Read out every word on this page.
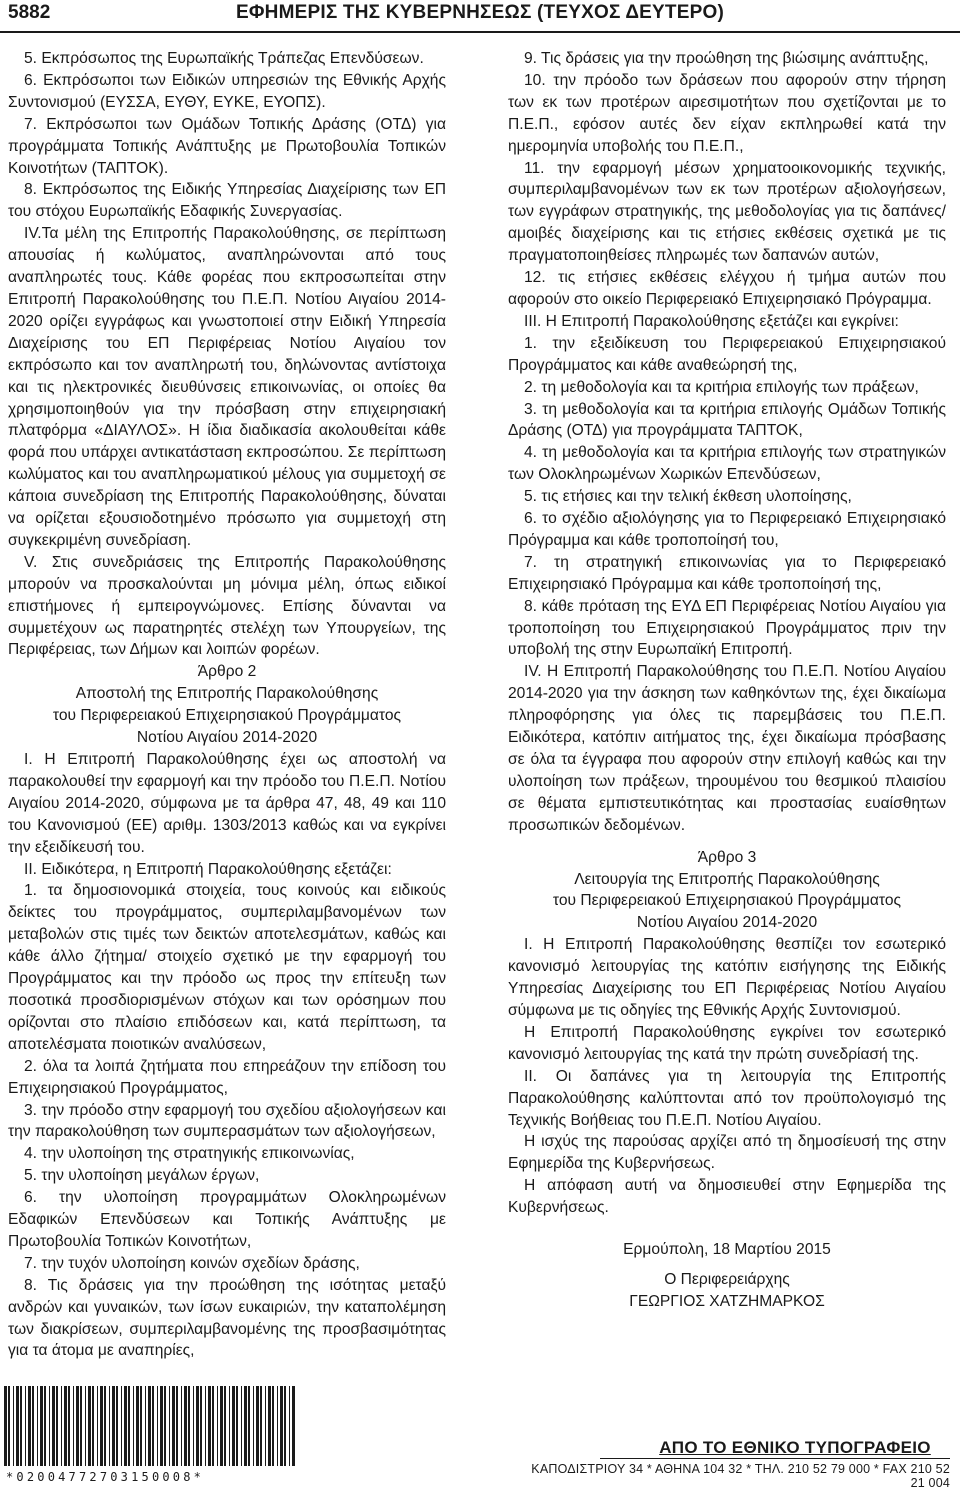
5882	ΕΦΗΜΕΡΙΣ ΤΗΣ ΚΥΒΕΡΝΗΣΕΩΣ (ΤΕΥΧΟΣ ΔΕΥΤΕΡΟ)

5. Εκπρόσωπος της Ευρωπαϊκής Τράπεζας Επενδύσεων.

6. Εκπρόσωποι των Ειδικών υπηρεσιών της Εθνικής Αρχής Συντονισμού (ΕΥΣΣΑ, ΕΥΘΥ, ΕΥΚΕ, ΕΥΟΠΣ).

7. Εκπρόσωποι των Ομάδων Τοπικής Δράσης (ΟΤΔ) για προγράμματα Τοπικής Ανάπτυξης με Πρωτοβουλία Τοπικών Κοινοτήτων (ΤΑΠΤΟΚ).

8. Εκπρόσωπος της Ειδικής Υπηρεσίας Διαχείρισης των ΕΠ του στόχου Ευρωπαϊκής Εδαφικής Συνεργασίας.

IV.Τα μέλη της Επιτροπής Παρακολούθησης, σε περίπτωση απουσίας ή κωλύματος, αναπληρώνονται από τους αναπληρωτές τους. Κάθε φορέας που εκπροσωπείται στην Επιτροπή Παρακολούθησης του Π.Ε.Π. Νοτίου Αιγαίου 2014-2020 ορίζει εγγράφως και γνωστοποιεί στην Ειδική Υπηρεσία Διαχείρισης του ΕΠ Περιφέρειας Νοτίου Αιγαίου τον εκπρόσωπο και τον αναπληρωτή του, δηλώνοντας αντίστοιχα και τις ηλεκτρονικές διευθύνσεις επικοινωνίας, οι οποίες θα χρησιμοποιηθούν για την πρόσβαση στην επιχειρησιακή πλατφόρμα «ΔΙΑΥΛΟΣ». Η ίδια διαδικασία ακολουθείται κάθε φορά που υπάρχει αντικατάσταση εκπροσώπου. Σε περίπτωση κωλύματος και του αναπληρωματικού μέλους για συμμετοχή σε κάποια συνεδρίαση της Επιτροπής Παρακολούθησης, δύναται να ορίζεται εξουσιοδοτημένο πρόσωπο για συμμετοχή στη συγκεκριμένη συνεδρίαση.

V. Στις συνεδριάσεις της Επιτροπής Παρακολούθησης μπορούν να προσκαλούνται μη μόνιμα μέλη, όπως ειδικοί επιστήμονες ή εμπειρογνώμονες. Επίσης δύνανται να συμμετέχουν ως παρατηρητές στελέχη των Υπουργείων, της Περιφέρειας, των Δήμων και λοιπών φορέων.

Άρθρο 2

Αποστολή της Επιτροπής Παρακολούθησης

του Περιφερειακού Επιχειρησιακού Προγράμματος

Νοτίου Αιγαίου 2014-2020

Ι. Η Επιτροπή Παρακολούθησης έχει ως αποστολή να παρακολουθεί την εφαρμογή και την πρόοδο του Π.Ε.Π. Νοτίου Αιγαίου 2014-2020, σύμφωνα με τα άρθρα 47, 48, 49 και 110 του Κανονισμού (ΕΕ) αριθμ. 1303/2013 καθώς και να εγκρίνει την εξειδίκευσή του.

ΙΙ. Ειδικότερα, η Επιτροπή Παρακολούθησης εξετάζει:

1. τα δημοσιονομικά στοιχεία, τους κοινούς και ειδικούς δείκτες του προγράμματος, συμπεριλαμβανομένων των μεταβολών στις τιμές των δεικτών αποτελεσμάτων, καθώς και κάθε άλλο ζήτημα/ στοιχείο σχετικό με την εφαρμογή του Προγράμματος και την πρόοδο ως προς την επίτευξη των ποσοτικά προσδιορισμένων στόχων και των ορόσημων που ορίζονται στο πλαίσιο επιδόσεων και, κατά περίπτωση, τα αποτελέσματα ποιοτικών αναλύσεων,

2. όλα τα λοιπά ζητήματα που επηρεάζουν την επίδοση του Επιχειρησιακού Προγράμματος,

3. την πρόοδο στην εφαρμογή του σχεδίου αξιολογήσεων και την παρακολούθηση των συμπερασμάτων των αξιολογήσεων,

4. την υλοποίηση της στρατηγικής επικοινωνίας,

5. την υλοποίηση μεγάλων έργων,

6. την υλοποίηση προγραμμάτων Ολοκληρωμένων Εδαφικών Επενδύσεων και Τοπικής Ανάπτυξης με Πρωτοβουλία Τοπικών Κοινοτήτων,

7. την τυχόν υλοποίηση κοινών σχεδίων δράσης,

8. Τις δράσεις για την προώθηση της ισότητας μεταξύ ανδρών και γυναικών, των ίσων ευκαιριών, την καταπολέμηση των διακρίσεων, συμπεριλαμβανομένης της προσβασιμότητας για τα άτομα με αναπηρίες,

9. Τις δράσεις για την προώθηση της βιώσιμης ανάπτυξης,

10. την πρόοδο των δράσεων που αφορούν στην τήρηση των εκ των προτέρων αιρεσιμοτήτων που σχετίζονται με το Π.Ε.Π., εφόσον αυτές δεν είχαν εκπληρωθεί κατά την ημερομηνία υποβολής του Π.Ε.Π.,

11. την εφαρμογή μέσων χρηματοοικονομικής τεχνικής, συμπεριλαμβανομένων των εκ των προτέρων αξιολογήσεων, των εγγράφων στρατηγικής, της μεθοδολογίας για τις δαπάνες/ αμοιβές διαχείρισης και τις ετήσιες εκθέσεις σχετικά με τις πραγματοποιηθείσες πληρωμές των δαπανών αυτών,

12. τις ετήσιες εκθέσεις ελέγχου ή τμήμα αυτών που αφορούν στο οικείο Περιφερειακό Επιχειρησιακό Πρόγραμμα.

ΙΙΙ. Η Επιτροπή Παρακολούθησης εξετάζει και εγκρίνει:

1. την εξειδίκευση του Περιφερειακού Επιχειρησιακού Προγράμματος και κάθε αναθεώρησή της,

2. τη μεθοδολογία και τα κριτήρια επιλογής των πράξεων,

3. τη μεθοδολογία και τα κριτήρια επιλογής Ομάδων Τοπικής Δράσης (ΟΤΔ) για προγράμματα ΤΑΠΤΟΚ,

4. τη μεθοδολογία και τα κριτήρια επιλογής των στρατηγικών των Ολοκληρωμένων Χωρικών Επενδύσεων,

5. τις ετήσιες και την τελική έκθεση υλοποίησης,

6. το σχέδιο αξιολόγησης για το Περιφερειακό Επιχειρησιακό Πρόγραμμα και κάθε τροποποίησή του,

7. τη στρατηγική επικοινωνίας για το Περιφερειακό Επιχειρησιακό Πρόγραμμα και κάθε τροποποίησή της,

8. κάθε πρόταση της ΕΥΔ ΕΠ Περιφέρειας Νοτίου Αιγαίου για τροποποίηση του Επιχειρησιακού Προγράμματος πριν την υποβολή της στην Ευρωπαϊκή Επιτροπή.

IV. Η Επιτροπή Παρακολούθησης του Π.Ε.Π. Νοτίου Αιγαίου 2014-2020 για την άσκηση των καθηκόντων της, έχει δικαίωμα πληροφόρησης για όλες τις παρεμβάσεις του Π.Ε.Π. Ειδικότερα, κατόπιν αιτήματος της, έχει δικαίωμα πρόσβασης σε όλα τα έγγραφα που αφορούν στην επιλογή καθώς και την υλοποίηση των πράξεων, τηρουμένου του θεσμικού πλαισίου σε θέματα εμπιστευτικότητας και προστασίας ευαίσθητων προσωπικών δεδομένων.

Άρθρο 3

Λειτουργία της Επιτροπής Παρακολούθησης

του Περιφερειακού Επιχειρησιακού Προγράμματος

Νοτίου Αιγαίου 2014-2020

Ι. Η Επιτροπή Παρακολούθησης θεσπίζει τον εσωτερικό κανονισμό λειτουργίας της κατόπιν εισήγησης της Ειδικής Υπηρεσίας Διαχείρισης του ΕΠ Περιφέρειας Νοτίου Αιγαίου σύμφωνα με τις οδηγίες της Εθνικής Αρχής Συντονισμού.

Η Επιτροπή Παρακολούθησης εγκρίνει τον εσωτερικό κανονισμό λειτουργίας της κατά την πρώτη συνεδρίασή της.

ΙΙ. Οι δαπάνες για τη λειτουργία της Επιτροπής Παρακολούθησης καλύπτονται από τον προϋπολογισμό της Τεχνικής Βοήθειας του Π.Ε.Π. Νοτίου Αιγαίου.

Η ισχύς της παρούσας αρχίζει από τη δημοσίευσή της στην Εφημερίδα της Κυβερνήσεως.

Η απόφαση αυτή να δημοσιευθεί στην Εφημερίδα της Κυβερνήσεως.

Ερμούπολη, 18 Μαρτίου 2015

Ο Περιφερειάρχης

ΓΕΩΡΓΙΟΣ ΧΑΤΖΗΜΑΡΚΟΣ

*02004772703150008*
ΑΠΟ ΤΟ ΕΘΝΙΚΟ ΤΥΠΟΓΡΑΦΕΙΟ
ΚΑΠΟΔΙΣΤΡΙΟΥ 34 * ΑΘΗΝΑ 104 32 * ΤΗΛ. 210 52 79 000 * FAX 210 52 21 004
